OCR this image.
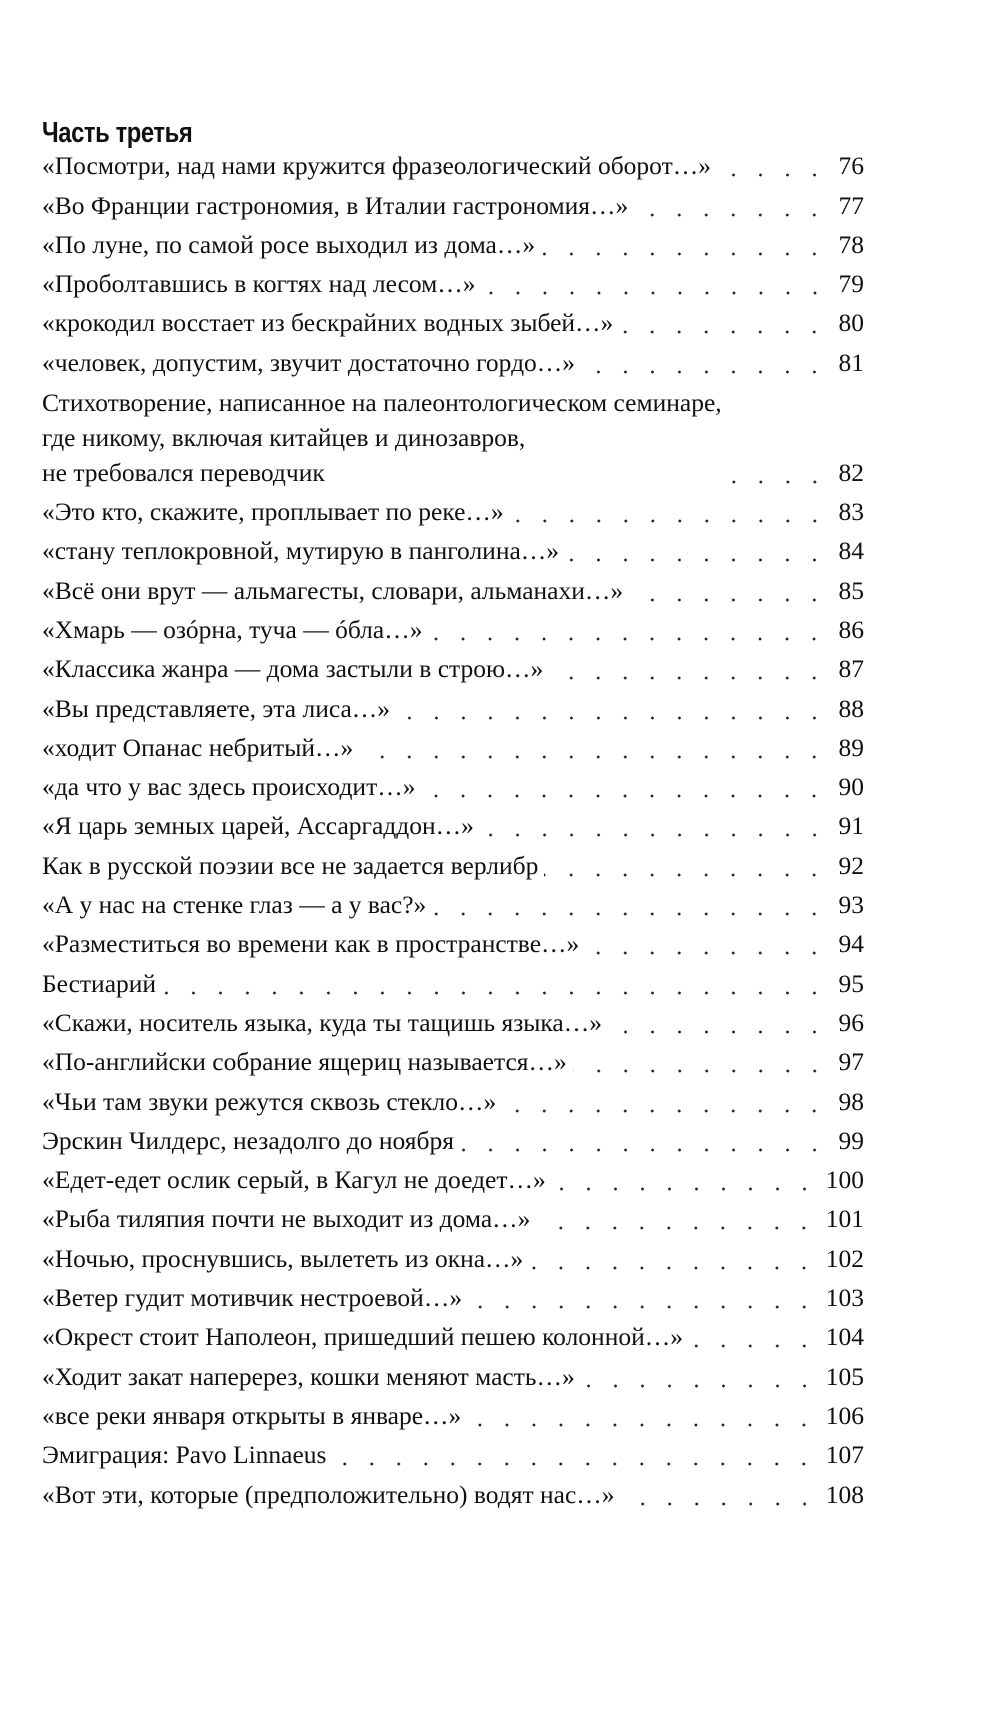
Часть третья
«Посмотри, над нами кружится фразеологический оборот…»	76
«Во Франции гастрономия, в Италии гастрономия…»	77
«По луне, по самой росе выходил из дома…»	78
«Проболтавшись в когтях над лесом…»	79
«крокодил восстает из бескрайних водных зыбей…»	80
«человек, допустим, звучит достаточно гордо…»	81
Стихотворение, написанное на палеонтологическом семинаре,
где никому, включая китайцев и динозавров,
не требовался переводчик	82
«Это кто, скажите, проплывает по реке…»	83
«стану теплокровной, мутирую в панголина…»	84
«Всё они врут — альмагесты, словари, альманахи…»	85
«Хмарь — озóрна, туча — óбла…»	86
«Классика жанра — дома застыли в строю…»	87
«Вы представляете, эта лиса…»	88
«ходит Опанас небритый…»	89
«да что у вас здесь происходит…»	90
«Я царь земных царей, Ассаргаддон…»	91
Как в русской поэзии все не задается верлибр	92
«А у нас на стенке глаз — а у вас?»	93
«Разместиться во времени как в пространстве…»	94
Бестиарий	95
«Скажи, носитель языка, куда ты тащишь языка…»	96
«По-английски собрание ящериц называется…»	97
«Чьи там звуки режутся сквозь стекло…»	98
Эрскин Чилдерс, незадолго до ноября	99
«Едет-едет ослик серый, в Кагул не доедет…»	100
«Рыба тиляпия почти не выходит из дома…»	101
«Ночью, проснувшись, вылететь из окна…»	102
«Ветер гудит мотивчик нестроевой…»	103
«Окрест стоит Наполеон, пришедший пешею колонной…»	104
«Ходит закат наперерез, кошки меняют масть…»	105
«все реки января открыты в январе…»	106
Эмиграция: Pavo Linnaeus	107
«Вот эти, которые (предположительно) водят нас…»	108
